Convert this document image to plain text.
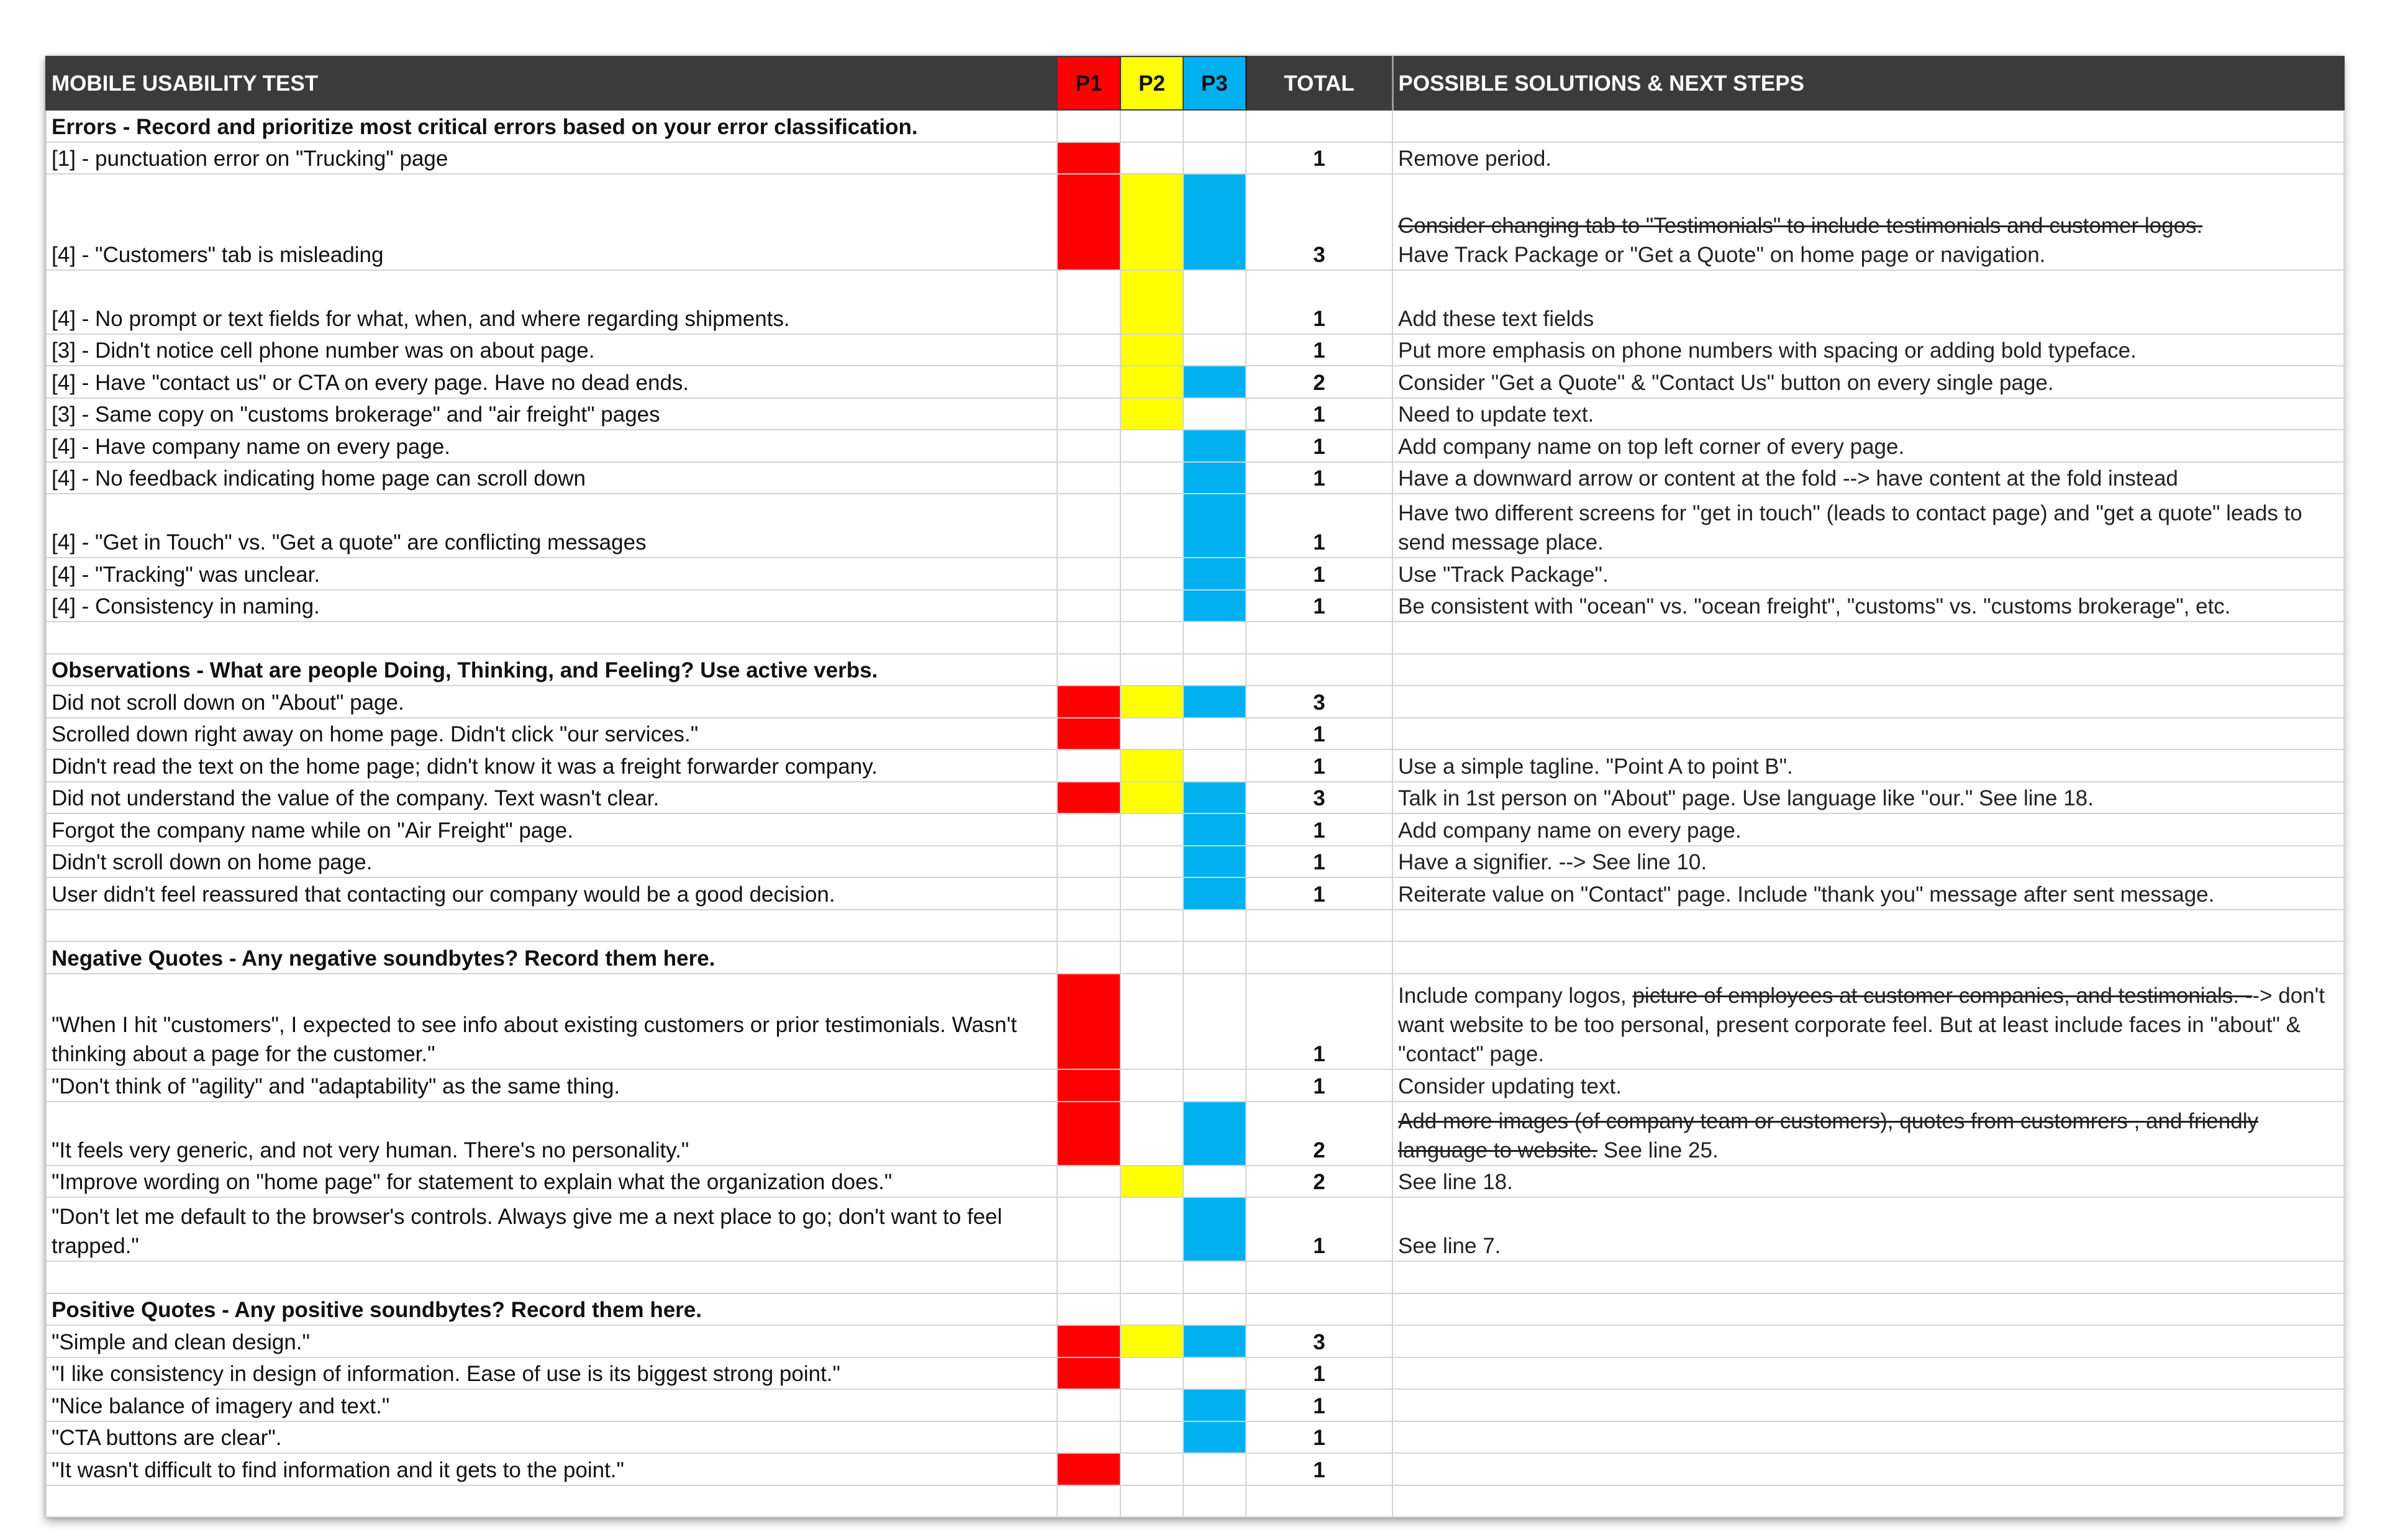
MOBILE USABILITY TEST	P1	P2	P3	TOTAL	POSSIBLE SOLUTIONS & NEXT STEPS
Errors - Record and prioritize most critical errors based on your error classification.					
[1] - punctuation error on "Trucking" page				1	Remove period.
[4] - "Customers" tab is misleading				3	Consider changing tab to "Testimonials" to include testimonials and customer logos.
Have Track Package or "Get a Quote" on home page or navigation.
[4] - No prompt or text fields for what, when, and where regarding shipments.				1	Add these text fields
[3] - Didn't notice cell phone number was on about page.				1	Put more emphasis on phone numbers with spacing or adding bold typeface.
[4] - Have "contact us" or CTA on every page. Have no dead ends.				2	Consider "Get a Quote" & "Contact Us" button on every single page.
[3] - Same copy on "customs brokerage" and "air freight" pages				1	Need to update text.
[4] - Have company name on every page.				1	Add company name on top left corner of every page.
[4] - No feedback indicating home page can scroll down				1	Have a downward arrow or content at the fold --> have content at the fold instead
[4] - "Get in Touch" vs. "Get a quote" are conflicting messages				1	Have two different screens for "get in touch" (leads to contact page) and "get a quote" leads to send message place.
[4] - "Tracking" was unclear.				1	Use "Track Package".
[4] - Consistency in naming.				1	Be consistent with "ocean" vs. "ocean freight", "customs" vs. "customs brokerage", etc.

Observations - What are people Doing, Thinking, and Feeling? Use active verbs.					
Did not scroll down on "About" page.				3	
Scrolled down right away on home page. Didn't click "our services."				1	
Didn't read the text on the home page; didn't know it was a freight forwarder company.				1	Use a simple tagline. "Point A to point B".
Did not understand the value of the company. Text wasn't clear.				3	Talk in 1st person on "About" page. Use language like "our." See line 18.
Forgot the company name while on "Air Freight" page.				1	Add company name on every page.
Didn't scroll down on home page.				1	Have a signifier. --> See line 10.
User didn't feel reassured that contacting our company would be a good decision.				1	Reiterate value on "Contact" page. Include "thank you" message after sent message.

Negative Quotes - Any negative soundbytes? Record them here.					
"When I hit "customers", I expected to see info about existing customers or prior testimonials. Wasn't thinking about a page for the customer."				1	Include company logos, picture of employees at customer companies, and testimonials. --> don't want website to be too personal, present corporate feel. But at least include faces in "about" & "contact" page.
"Don't think of "agility" and "adaptability" as the same thing.				1	Consider updating text.
"It feels very generic, and not very human. There's no personality."				2	Add more images (of company team or customers), quotes from customrers , and friendly language to website. See line 25.
"Improve wording on "home page" for statement to explain what the organization does."				2	See line 18.
"Don't let me default to the browser's controls. Always give me a next place to go; don't want to feel trapped."				1	See line 7.

Positive Quotes - Any positive soundbytes? Record them here.					
"Simple and clean design."				3	
"I like consistency in design of information. Ease of use is its biggest strong point."				1	
"Nice balance of imagery and text."				1	
"CTA buttons are clear".				1	
"It wasn't difficult to find information and it gets to the point."				1	
